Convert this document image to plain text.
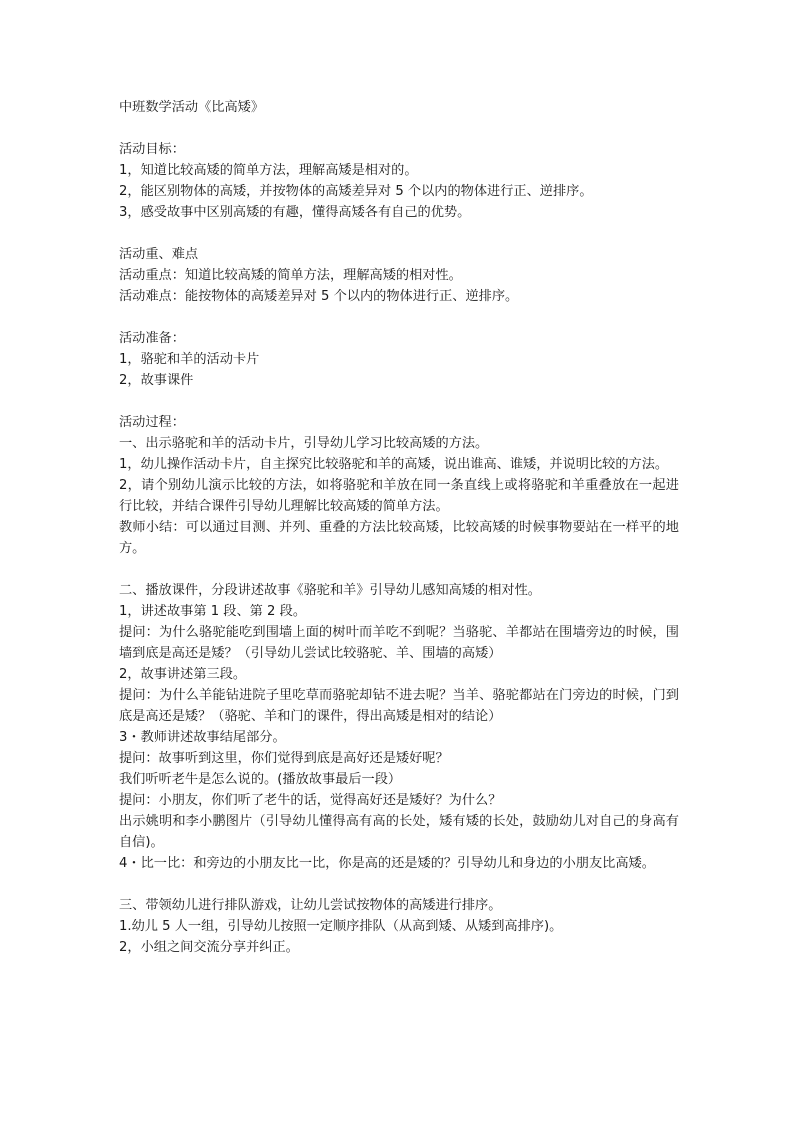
中班数学活动《比高矮》
活动目标：
1，知道比较高矮的简单方法，理解高矮是相对的。
2，能区别物体的高矮，并按物体的高矮差异对 5 个以内的物体进行正、逆排序。
3，感受故事中区别高矮的有趣，懂得高矮各有自己的优势。
活动重、难点
活动重点：知道比较高矮的简单方法，理解高矮的相对性。
活动难点：能按物体的高矮差异对 5 个以内的物体进行正、逆排序。
活动准备：
1，骆驼和羊的活动卡片
2，故事课件
活动过程：
一、出示骆驼和羊的活动卡片，引导幼儿学习比较高矮的方法。
1，幼儿操作活动卡片，自主探究比较骆驼和羊的高矮，说出谁高、谁矮，并说明比较的方法。
2，请个别幼儿演示比较的方法，如将骆驼和羊放在同一条直线上或将骆驼和羊重叠放在一起进行比较，并结合课件引导幼儿理解比较高矮的简单方法。
教师小结：可以通过目测、并列、重叠的方法比较高矮，比较高矮的时候事物要站在一样平的地方。
二、播放课件，分段讲述故事《骆驼和羊》引导幼儿感知高矮的相对性。
1，讲述故事第 1 段、第 2 段。
提问：为什么骆驼能吃到围墙上面的树叶而羊吃不到呢？当骆驼、羊都站在围墙旁边的时候，围墙到底是高还是矮？（引导幼儿尝试比较骆驼、羊、围墙的高矮）
2，故事讲述第三段。
提问：为什么羊能钻进院子里吃草而骆驼却钻不进去呢？当羊、骆驼都站在门旁边的时候，门到底是高还是矮？（骆驼、羊和门的课件，得出高矮是相对的结论）
3・教师讲述故事结尾部分。
提问：故事听到这里，你们觉得到底是高好还是矮好呢？
我们听听老牛是怎么说的。(播放故事最后一段）
提问：小朋友，你们听了老牛的话，觉得高好还是矮好？为什么？
出示姚明和李小鹏图片（引导幼儿懂得高有高的长处，矮有矮的长处，鼓励幼儿对自己的身高有自信)。
4・比一比：和旁边的小朋友比一比，你是高的还是矮的？引导幼儿和身边的小朋友比高矮。
三、带领幼儿进行排队游戏，让幼儿尝试按物体的高矮进行排序。
1.幼儿 5 人一组，引导幼儿按照一定顺序排队（从高到矮、从矮到高排序)。
2，小组之间交流分享并纠正。
